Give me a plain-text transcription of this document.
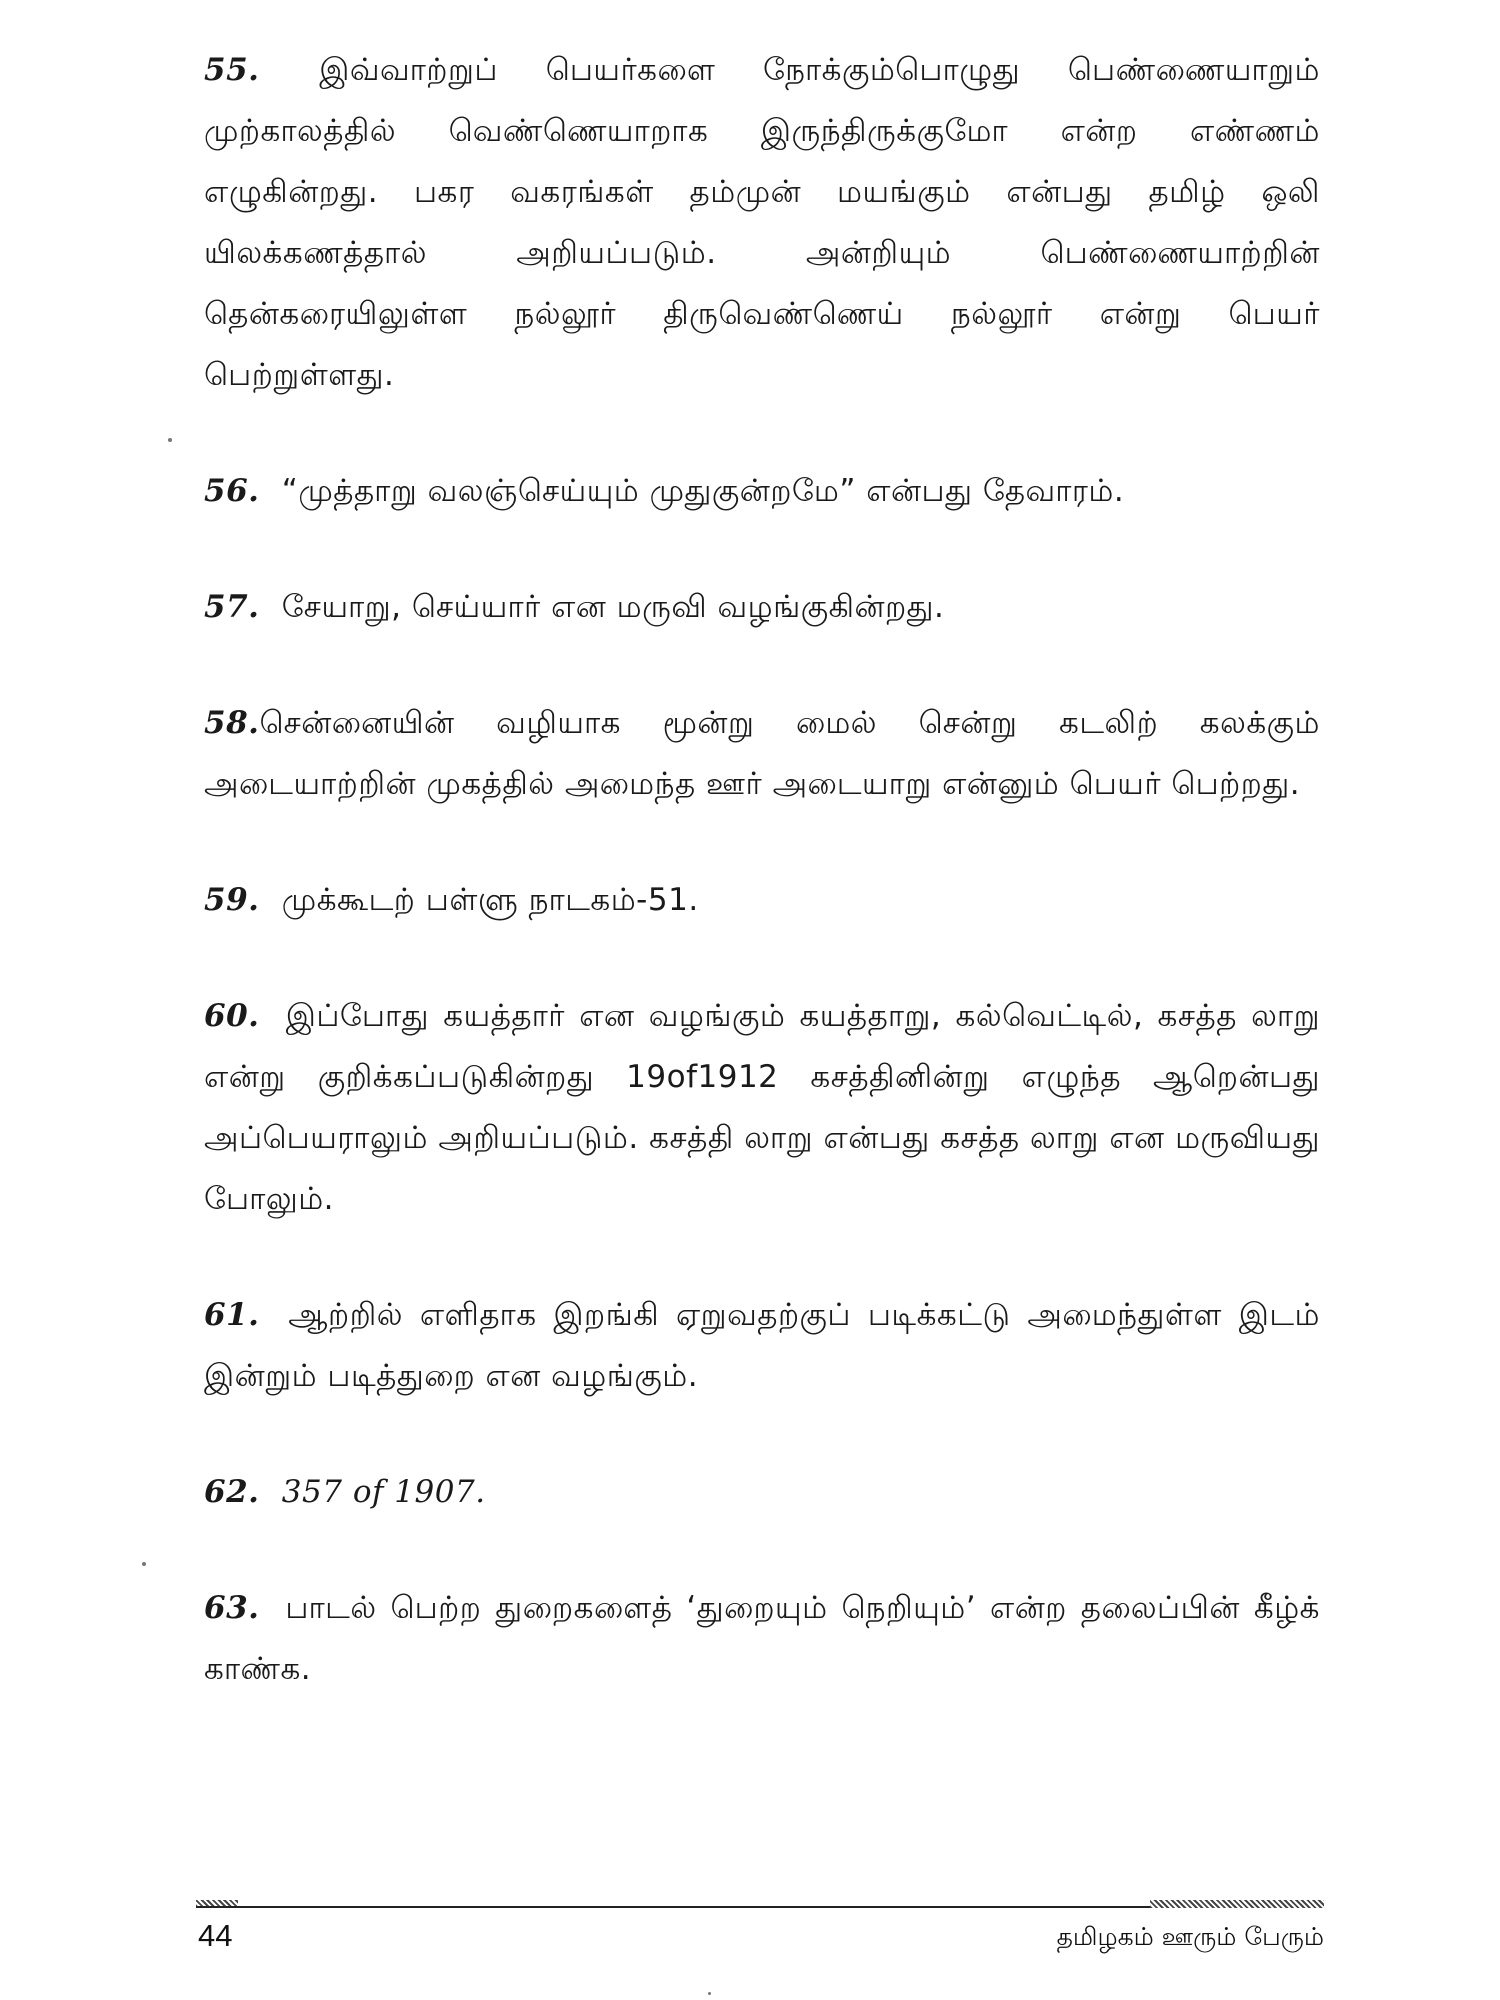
55. இவ்வாற்றுப் பெயர்களை நோக்கும்பொழுது பெண்ணையாறும் முற்காலத்தில் வெண்ணெயாறாக இருந்திருக்குமோ என்ற எண்ணம் எழுகின்றது. பகர வகரங்கள் தம்முன் மயங்கும் என்பது தமிழ் ஒலி யிலக்கணத்தால் அறியப்படும். அன்றியும் பெண்ணையாற்றின் தென்கரையிலுள்ள நல்லூர் திருவெண்ணெய் நல்லூர் என்று பெயர் பெற்றுள்ளது.

56. “முத்தாறு வலஞ்செய்யும் முதுகுன்றமே” என்பது தேவாரம்.

57. சேயாறு, செய்யார் என மருவி வழங்குகின்றது.

58.சென்னையின் வழியாக மூன்று மைல் சென்று கடலிற் கலக்கும் அடையாற்றின் முகத்தில் அமைந்த ஊர் அடையாறு என்னும் பெயர் பெற்றது.

59. முக்கூடற் பள்ளு நாடகம்-51.

60. இப்போது கயத்தார் என வழங்கும் கயத்தாறு, கல்வெட்டில், கசத்த லாறு என்று குறிக்கப்படுகின்றது 19of1912 கசத்தினின்று எழுந்த ஆறென்பது அப்பெயராலும் அறியப்படும். கசத்தி லாறு என்பது கசத்த லாறு என மருவியது போலும்.

61. ஆற்றில் எளிதாக இறங்கி ஏறுவதற்குப் படிக்கட்டு அமைந்துள்ள இடம் இன்றும் படித்துறை என வழங்கும்.

62. 357 of 1907.

63. பாடல் பெற்ற துறைகளைத் ‘துறையும் நெறியும்’ என்ற தலைப்பின் கீழ்க் காண்க.

44	தமிழகம் ஊரும் பேரும்
